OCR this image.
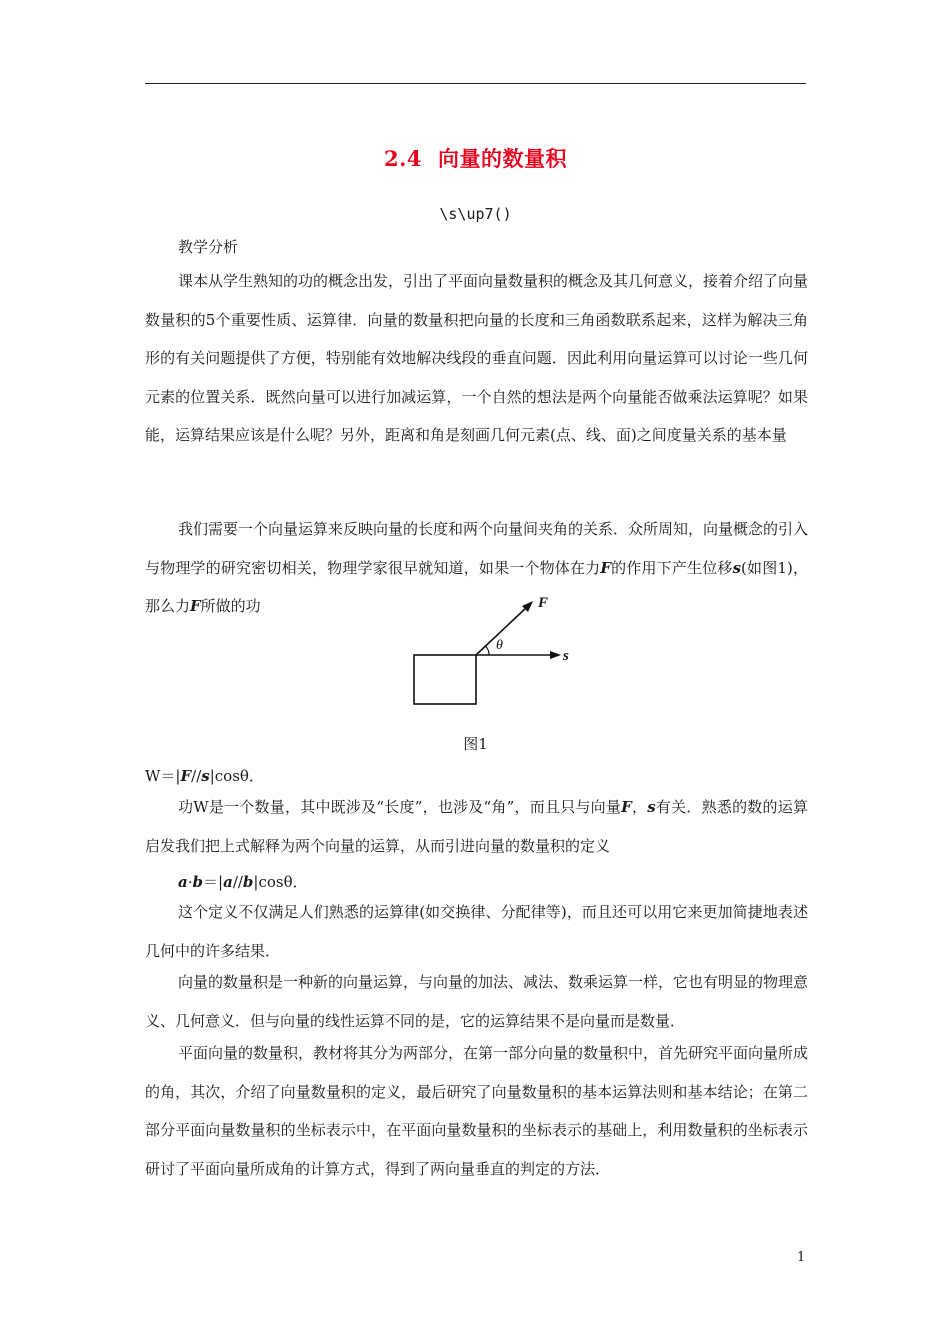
2.4 向量的数量积
\s\up7()
教学分析

课本从学生熟知的功的概念出发，引出了平面向量数量积的概念及其几何意义，接着介绍了向量数量积的5个重要性质、运算律．向量的数量积把向量的长度和三角函数联系起来，这样为解决三角形的有关问题提供了方便，特别能有效地解决线段的垂直问题．因此利用向量运算可以讨论一些几何元素的位置关系．既然向量可以进行加减运算，一个自然的想法是两个向量能否做乘法运算呢？如果能，运算结果应该是什么呢？另外，距离和角是刻画几何元素(点、线、面)之间度量关系的基本量

我们需要一个向量运算来反映向量的长度和两个向量间夹角的关系．众所周知，向量概念的引入与物理学的研究密切相关，物理学家很早就知道，如果一个物体在力F的作用下产生位移s(如图1)，那么力F所做的功	F
θ
s
图1
W＝|F//s|cosθ．

功W是一个数量，其中既涉及“长度”，也涉及“角”，而且只与向量F，s有关．熟悉的数的运算启发我们把上式解释为两个向量的运算，从而引进向量的数量积的定义

a·b＝|a//b|cosθ．

这个定义不仅满足人们熟悉的运算律(如交换律、分配律等)，而且还可以用它来更加简捷地表述几何中的许多结果．

向量的数量积是一种新的向量运算，与向量的加法、减法、数乘运算一样，它也有明显的物理意义、几何意义．但与向量的线性运算不同的是，它的运算结果不是向量而是数量．

平面向量的数量积，教材将其分为两部分，在第一部分向量的数量积中，首先研究平面向量所成的角，其次，介绍了向量数量积的定义，最后研究了向量数量积的基本运算法则和基本结论；在第二部分平面向量数量积的坐标表示中，在平面向量数量积的坐标表示的基础上，利用数量积的坐标表示研讨了平面向量所成角的计算方式，得到了两向量垂直的判定的方法．

1
